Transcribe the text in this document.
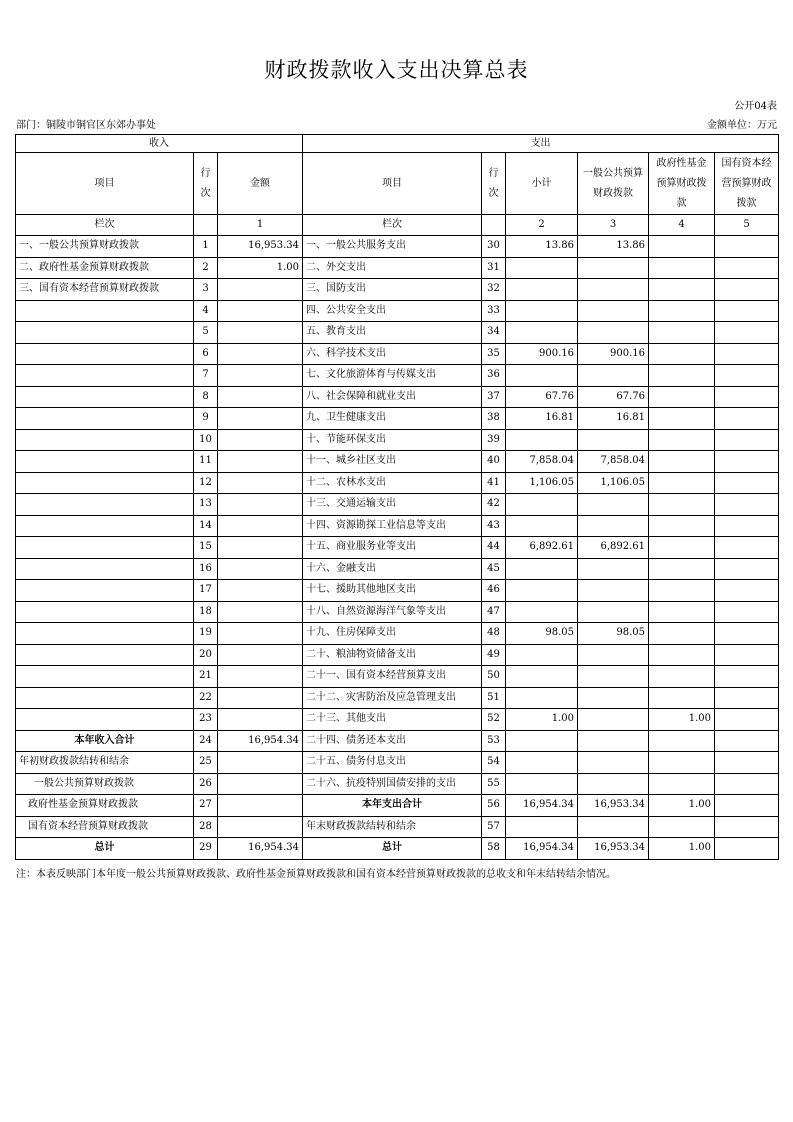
财政拨款收入支出决算总表
公开04表
部门：铜陵市铜官区东郊办事处	金额单位：万元
收入			支出					
项目	行次	金额	项目	行次	小计	一般公共预算财政拨款	政府性基金预算财政拨款	国有资本经营预算财政拨款
栏次		1	栏次		2	3	4	5
一、一般公共预算财政拨款	1	16,953.34	一、一般公共服务支出	30	13.86	13.86		
二、政府性基金预算财政拨款	2	1.00	二、外交支出	31				
三、国有资本经营预算财政拨款	3		三、国防支出	32				
	4		四、公共安全支出	33				
	5		五、教育支出	34				
	6		六、科学技术支出	35	900.16	900.16		
	7		七、文化旅游体育与传媒支出	36				
	8		八、社会保障和就业支出	37	67.76	67.76		
	9		九、卫生健康支出	38	16.81	16.81		
	10		十、节能环保支出	39				
	11		十一、城乡社区支出	40	7,858.04	7,858.04		
	12		十二、农林水支出	41	1,106.05	1,106.05		
	13		十三、交通运输支出	42				
	14		十四、资源勘探工业信息等支出	43				
	15		十五、商业服务业等支出	44	6,892.61	6,892.61		
	16		十六、金融支出	45				
	17		十七、援助其他地区支出	46				
	18		十八、自然资源海洋气象等支出	47				
	19		十九、住房保障支出	48	98.05	98.05		
	20		二十、粮油物资储备支出	49				
	21		二十一、国有资本经营预算支出	50				
	22		二十二、灾害防治及应急管理支出	51				
	23		二十三、其他支出	52	1.00		1.00	
本年收入合计	24	16,954.34	二十四、债务还本支出	53				
年初财政拨款结转和结余	25		二十五、债务付息支出	54				
一般公共预算财政拨款	26		二十六、抗疫特别国债安排的支出	55				
政府性基金预算财政拨款	27		本年支出合计	56	16,954.34	16,953.34	1.00	
国有资本经营预算财政拨款	28		年末财政拨款结转和结余	57				
总计	29	16,954.34	总计	58	16,954.34	16,953.34	1.00	
注：本表反映部门本年度一般公共预算财政拨款、政府性基金预算财政拨款和国有资本经营预算财政拨款的总收支和年末结转结余情况。
